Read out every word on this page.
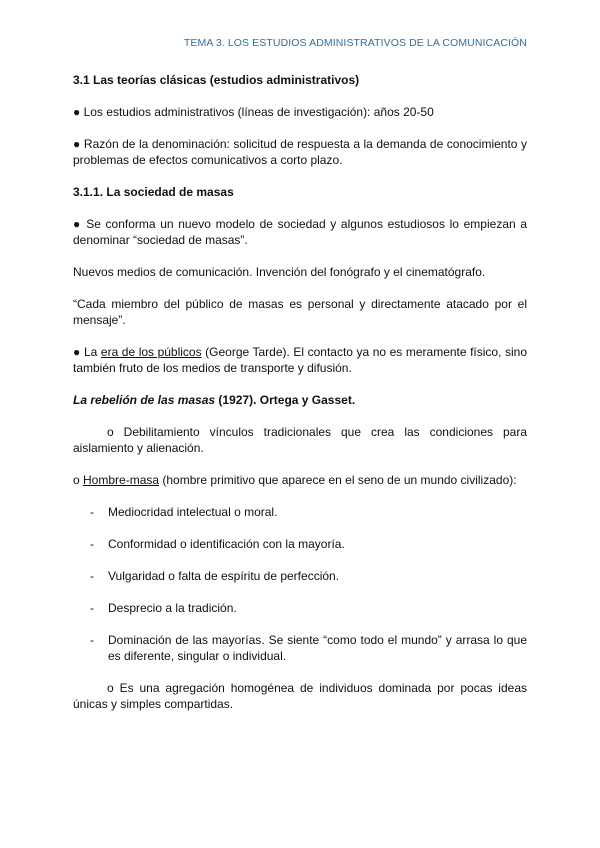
TEMA 3. LOS ESTUDIOS ADMINISTRATIVOS DE LA COMUNICACIÓN

3.1 Las teorías clásicas (estudios administrativos)

● Los estudios administrativos (líneas de investigación): años 20-50

● Razón de la denominación: solicitud de respuesta a la demanda de conocimiento y problemas de efectos comunicativos a corto plazo.

3.1.1. La sociedad de masas

● Se conforma un nuevo modelo de sociedad y algunos estudiosos lo empiezan a denominar “sociedad de masas”.

Nuevos medios de comunicación. Invención del fonógrafo y el cinematógrafo.

“Cada miembro del público de masas es personal y directamente atacado por el mensaje”.

● La era de los públicos (George Tarde). El contacto ya no es meramente físico, sino también fruto de los medios de transporte y difusión.

La rebelión de las masas (1927). Ortega y Gasset.

o Debilitamiento vínculos tradicionales que crea las condiciones para aislamiento y alienación.

o Hombre-masa (hombre primitivo que aparece en el seno de un mundo civilizado):

- Mediocridad intelectual o moral.
- Conformidad o identificación con la mayoría.
- Vulgaridad o falta de espíritu de perfección.
- Desprecio a la tradición.
- Dominación de las mayorías. Se siente “como todo el mundo” y arrasa lo que es diferente, singular o individual.

o Es una agregación homogénea de individuos dominada por pocas ideas únicas y simples compartidas.
